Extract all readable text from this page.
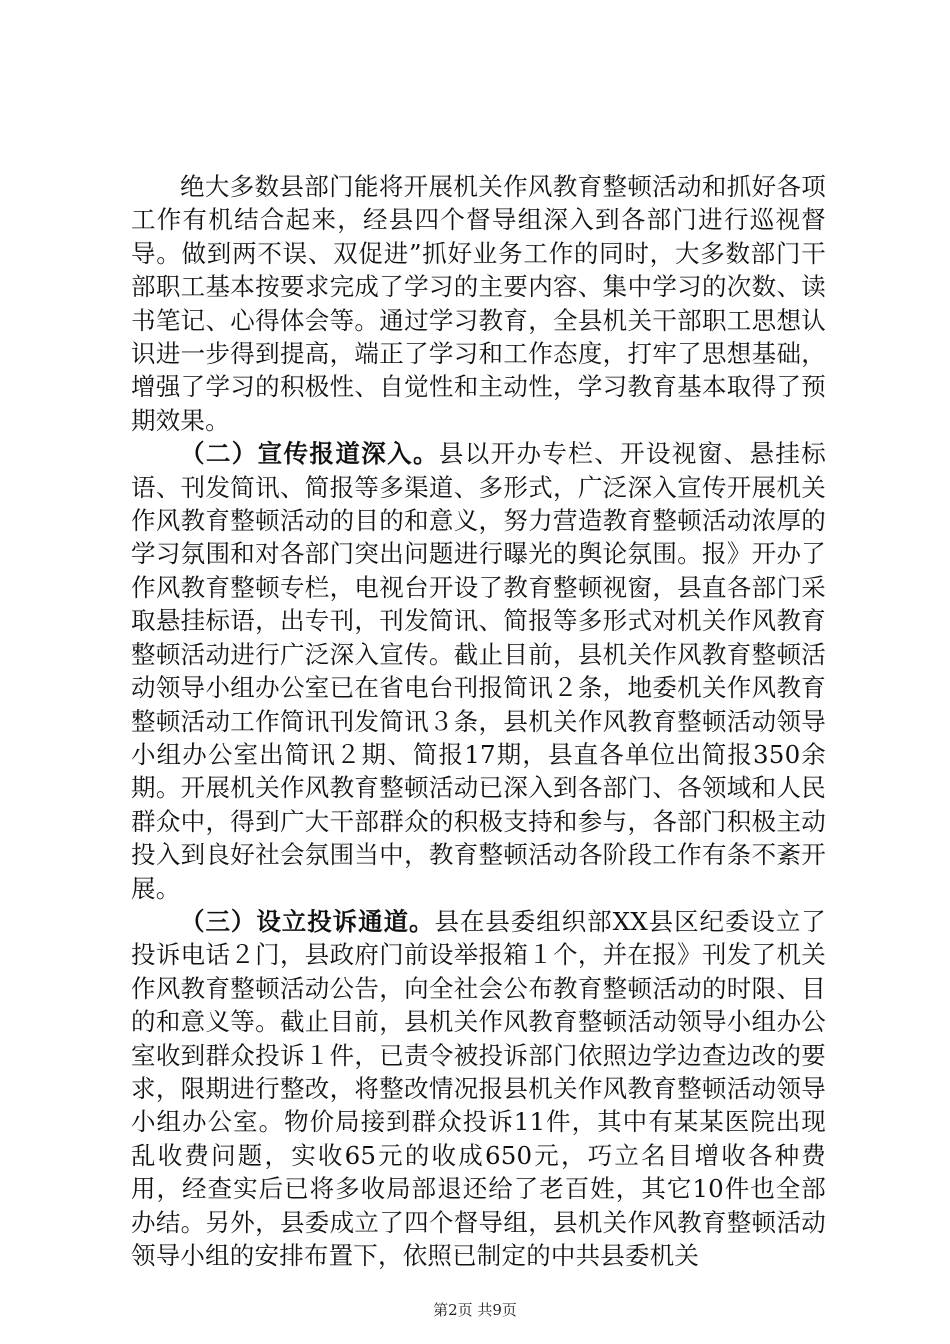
绝大多数县部门能将开展机关作风教育整顿活动和抓好各项工作有机结合起来，经县四个督导组深入到各部门进行巡视督导。做到两不误、双促进”抓好业务工作的同时，大多数部门干部职工基本按要求完成了学习的主要内容、集中学习的次数、读书笔记、心得体会等。通过学习教育，全县机关干部职工思想认识进一步得到提高，端正了学习和工作态度，打牢了思想基础，增强了学习的积极性、自觉性和主动性，学习教育基本取得了预期效果。

（二）宣传报道深入。县以开办专栏、开设视窗、悬挂标语、刊发简讯、简报等多渠道、多形式，广泛深入宣传开展机关作风教育整顿活动的目的和意义，努力营造教育整顿活动浓厚的学习氛围和对各部门突出问题进行曝光的舆论氛围。报》开办了作风教育整顿专栏，电视台开设了教育整顿视窗，县直各部门采取悬挂标语，出专刊，刊发简讯、简报等多形式对机关作风教育整顿活动进行广泛深入宣传。截止目前，县机关作风教育整顿活动领导小组办公室已在省电台刊报简讯２条，地委机关作风教育整顿活动工作简讯刊发简讯３条，县机关作风教育整顿活动领导小组办公室出简讯２期、简报17期，县直各单位出简报350余期。开展机关作风教育整顿活动已深入到各部门、各领域和人民群众中，得到广大干部群众的积极支持和参与，各部门积极主动投入到良好社会氛围当中，教育整顿活动各阶段工作有条不紊开展。

（三）设立投诉通道。县在县委组织部XX县区纪委设立了投诉电话２门，县政府门前设举报箱１个，并在报》刊发了机关作风教育整顿活动公告，向全社会公布教育整顿活动的时限、目的和意义等。截止目前，县机关作风教育整顿活动领导小组办公室收到群众投诉１件，已责令被投诉部门依照边学边查边改的要求，限期进行整改，将整改情况报县机关作风教育整顿活动领导小组办公室。物价局接到群众投诉11件，其中有某某医院出现乱收费问题，实收65元的收成650元，巧立名目增收各种费用，经查实后已将多收局部退还给了老百姓，其它10件也全部办结。另外，县委成立了四个督导组，县机关作风教育整顿活动领导小组的安排布置下，依照已制定的中共县委机关

第2页 共9页
